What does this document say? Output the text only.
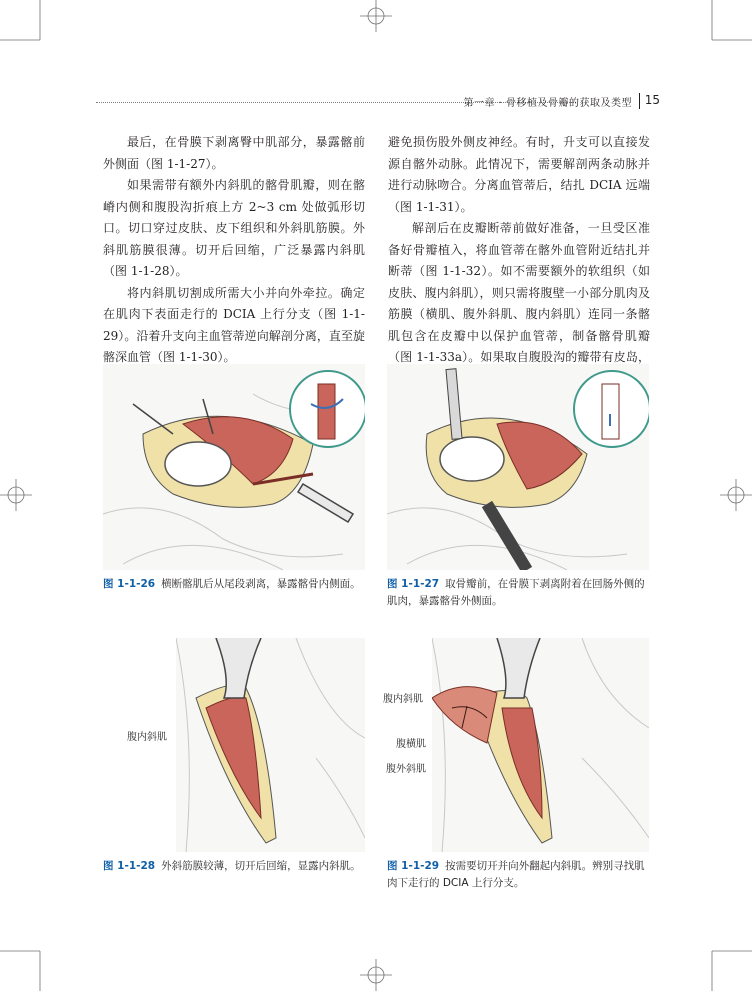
第一章 · 骨移植及骨瓣的获取及类型 15

最后，在骨膜下剥离臀中肌部分，暴露髂前外侧面（图 1-1-27）。

如果需带有额外内斜肌的髂骨肌瓣，则在髂嵴内侧和腹股沟折痕上方 2~3 cm 处做弧形切口。切口穿过皮肤、皮下组织和外斜肌筋膜。外斜肌筋膜很薄。切开后回缩，广泛暴露内斜肌（图 1-1-28）。

将内斜肌切割成所需大小并向外牵拉。确定在肌肉下表面走行的 DCIA 上行分支（图 1-1-29）。沿着升支向主血管蒂逆向解剖分离，直至旋髂深血管（图 1-1-30）。

避免损伤股外侧皮神经。有时，升支可以直接发源自髂外动脉。此情况下，需要解剖两条动脉并进行动脉吻合。分离血管蒂后，结扎 DCIA 远端（图 1-1-31）。

解剖后在皮瓣断蒂前做好准备，一旦受区准备好骨瓣植入，将血管蒂在髂外血管附近结扎并断蒂（图 1-1-32）。如不需要额外的软组织（如皮肤、腹内斜肌），则只需将腹壁一小部分肌肉及筋膜（横肌、腹外斜肌、腹内斜肌）连同一条髂肌包含在皮瓣中以保护血管蒂，制备髂骨肌瓣（图 1-1-33a）。如果取自腹股沟的瓣带有皮岛，

图 1-1-26 横断髂肌后从尾段剥离，暴露髂骨内侧面。	图 1-1-27 取骨瓣前，在骨膜下剥离附着在回肠外侧的肌肉，暴露髂骨外侧面。
腹内斜肌
图 1-1-28 外斜筋膜较薄，切开后回缩，显露内斜肌。
腹内斜肌
腹横肌
腹外斜肌
图 1-1-29 按需要切开并向外翻起内斜肌。辨别寻找肌肉下走行的 DCIA 上行分支。
